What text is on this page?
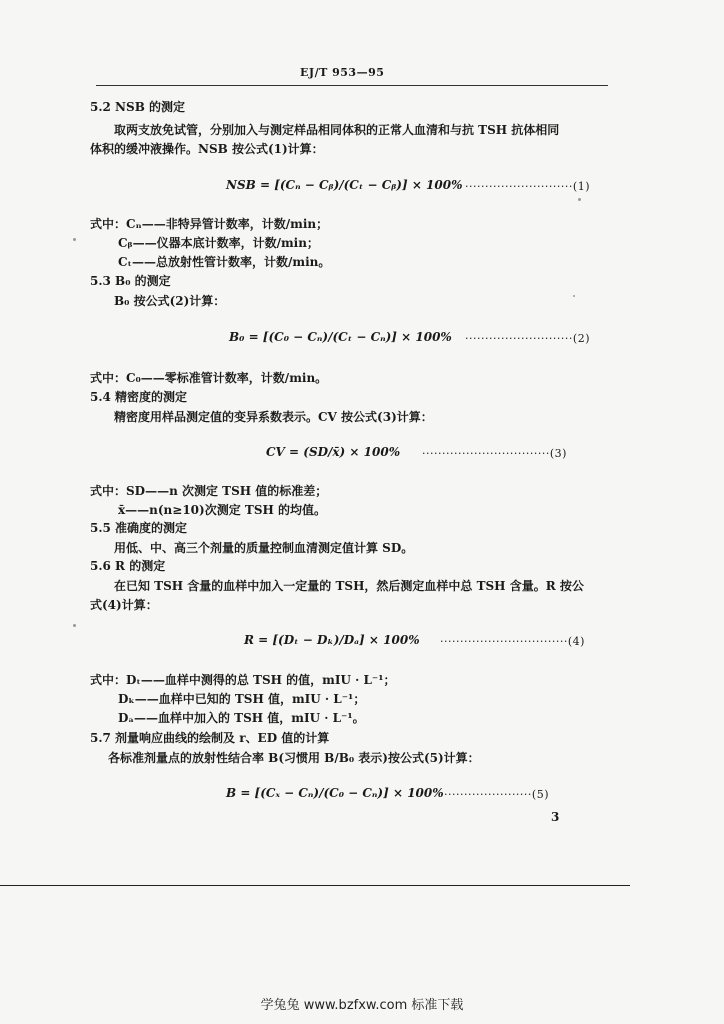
EJ/T 953—95
5.2 NSB 的测定
取两支放免试管，分别加入与测定样品相同体积的正常人血清和与抗 TSH 抗体相同
体积的缓冲液操作。NSB 按公式(1)计算：
NSB = [(Cₙ − Cᵦ)/(Cₜ − Cᵦ)] × 100% ···························(1)
式中：Cₙ——非特异管计数率，计数/min；
Cᵦ——仪器本底计数率，计数/min；
Cₜ——总放射性管计数率，计数/min。
5.3 B₀ 的测定
B₀ 按公式(2)计算：
B₀ = [(C₀ − Cₙ)/(Cₜ − Cₙ)] × 100% ···························(2)
式中：C₀——零标准管计数率，计数/min。
5.4 精密度的测定
精密度用样品测定值的变异系数表示。CV 按公式(3)计算：
CV = (SD/x̄) × 100% ································(3)
式中：SD——n 次测定 TSH 值的标准差；
x̄——n(n≥10)次测定 TSH 的均值。
5.5 准确度的测定
用低、中、高三个剂量的质量控制血清测定值计算 SD。
5.6 R 的测定
在已知 TSH 含量的血样中加入一定量的 TSH，然后测定血样中总 TSH 含量。R 按公
式(4)计算：
R = [(Dₜ − Dₖ)/Dₐ] × 100% ································(4)
式中：Dₜ——血样中测得的总 TSH 的值，mIU · L⁻¹；
Dₖ——血样中已知的 TSH 值，mIU · L⁻¹；
Dₐ——血样中加入的 TSH 值，mIU · L⁻¹。
5.7 剂量响应曲线的绘制及 r、ED 值的计算
各标准剂量点的放射性结合率 B(习惯用 B/B₀ 表示)按公式(5)计算：
B = [(Cₓ − Cₙ)/(C₀ − Cₙ)] × 100%
·······················(5)
3
学兔兔 www.bzfxw.com 标准下载
